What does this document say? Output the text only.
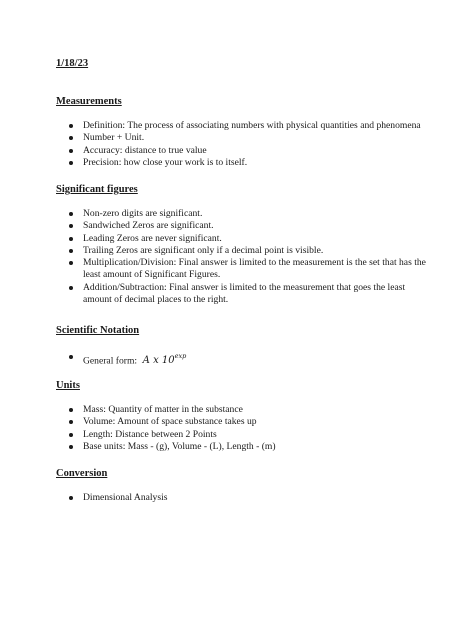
1/18/23
Measurements
Definition: The process of associating numbers with physical quantities and phenomena
Number + Unit.
Accuracy: distance to true value
Precision: how close your work is to itself.
Significant figures
Non-zero digits are significant.
Sandwiched Zeros are significant.
Leading Zeros are never significant.
Trailing Zeros are significant only if a decimal point is visible.
Multiplication/Division: Final answer is limited to the measurement is the set that has the least amount of Significant Figures.
Addition/Subtraction: Final answer is limited to the measurement that goes the least amount of decimal places to the right.
Scientific Notation
General form: A x $10^{exp}$
Units
Mass: Quantity of matter in the substance
Volume: Amount of space substance takes up
Length: Distance between 2 Points
Base units: Mass - (g), Volume - (L), Length - (m)
Conversion
Dimensional Analysis
